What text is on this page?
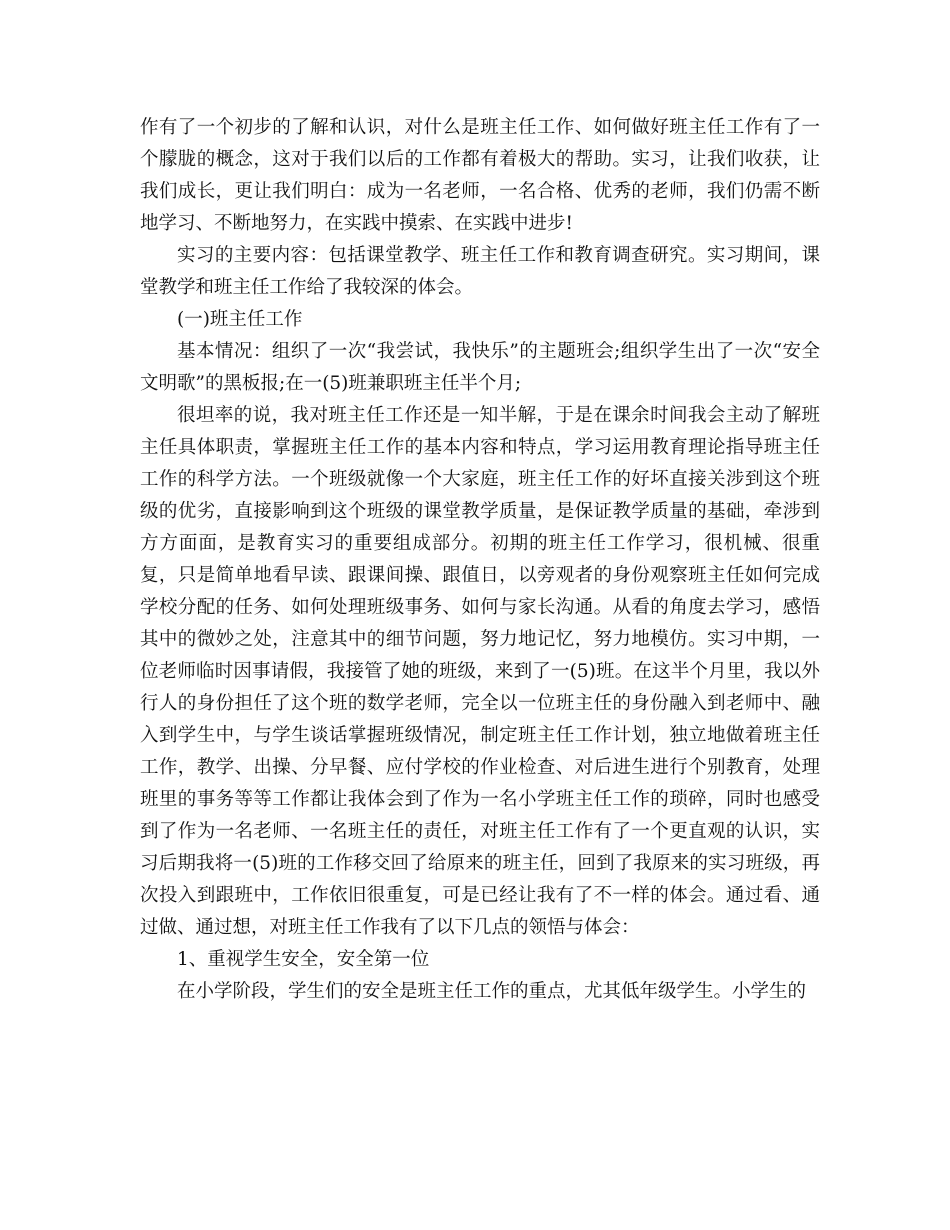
作有了一个初步的了解和认识，对什么是班主任工作、如何做好班主任工作有了一个朦胧的概念，这对于我们以后的工作都有着极大的帮助。实习，让我们收获，让我们成长，更让我们明白：成为一名老师，一名合格、优秀的老师，我们仍需不断地学习、不断地努力，在实践中摸索、在实践中进步!

实习的主要内容：包括课堂教学、班主任工作和教育调查研究。实习期间，课堂教学和班主任工作给了我较深的体会。

(一)班主任工作

基本情况：组织了一次“我尝试，我快乐”的主题班会;组织学生出了一次“安全文明歌”的黑板报;在一(5)班兼职班主任半个月;

很坦率的说，我对班主任工作还是一知半解，于是在课余时间我会主动了解班主任具体职责，掌握班主任工作的基本内容和特点，学习运用教育理论指导班主任工作的科学方法。一个班级就像一个大家庭，班主任工作的好坏直接关涉到这个班级的优劣，直接影响到这个班级的课堂教学质量，是保证教学质量的基础，牵涉到方方面面，是教育实习的重要组成部分。初期的班主任工作学习，很机械、很重复，只是简单地看早读、跟课间操、跟值日，以旁观者的身份观察班主任如何完成学校分配的任务、如何处理班级事务、如何与家长沟通。从看的角度去学习，感悟其中的微妙之处，注意其中的细节问题，努力地记忆，努力地模仿。实习中期，一位老师临时因事请假，我接管了她的班级，来到了一(5)班。在这半个月里，我以外行人的身份担任了这个班的数学老师，完全以一位班主任的身份融入到老师中、融入到学生中，与学生谈话掌握班级情况，制定班主任工作计划，独立地做着班主任工作，教学、出操、分早餐、应付学校的作业检查、对后进生进行个别教育，处理班里的事务等等工作都让我体会到了作为一名小学班主任工作的琐碎，同时也感受到了作为一名老师、一名班主任的责任，对班主任工作有了一个更直观的认识，实习后期我将一(5)班的工作移交回了给原来的班主任，回到了我原来的实习班级，再次投入到跟班中，工作依旧很重复，可是已经让我有了不一样的体会。通过看、通过做、通过想，对班主任工作我有了以下几点的领悟与体会：

1、重视学生安全，安全第一位

在小学阶段，学生们的安全是班主任工作的重点，尤其低年级学生。小学生的
